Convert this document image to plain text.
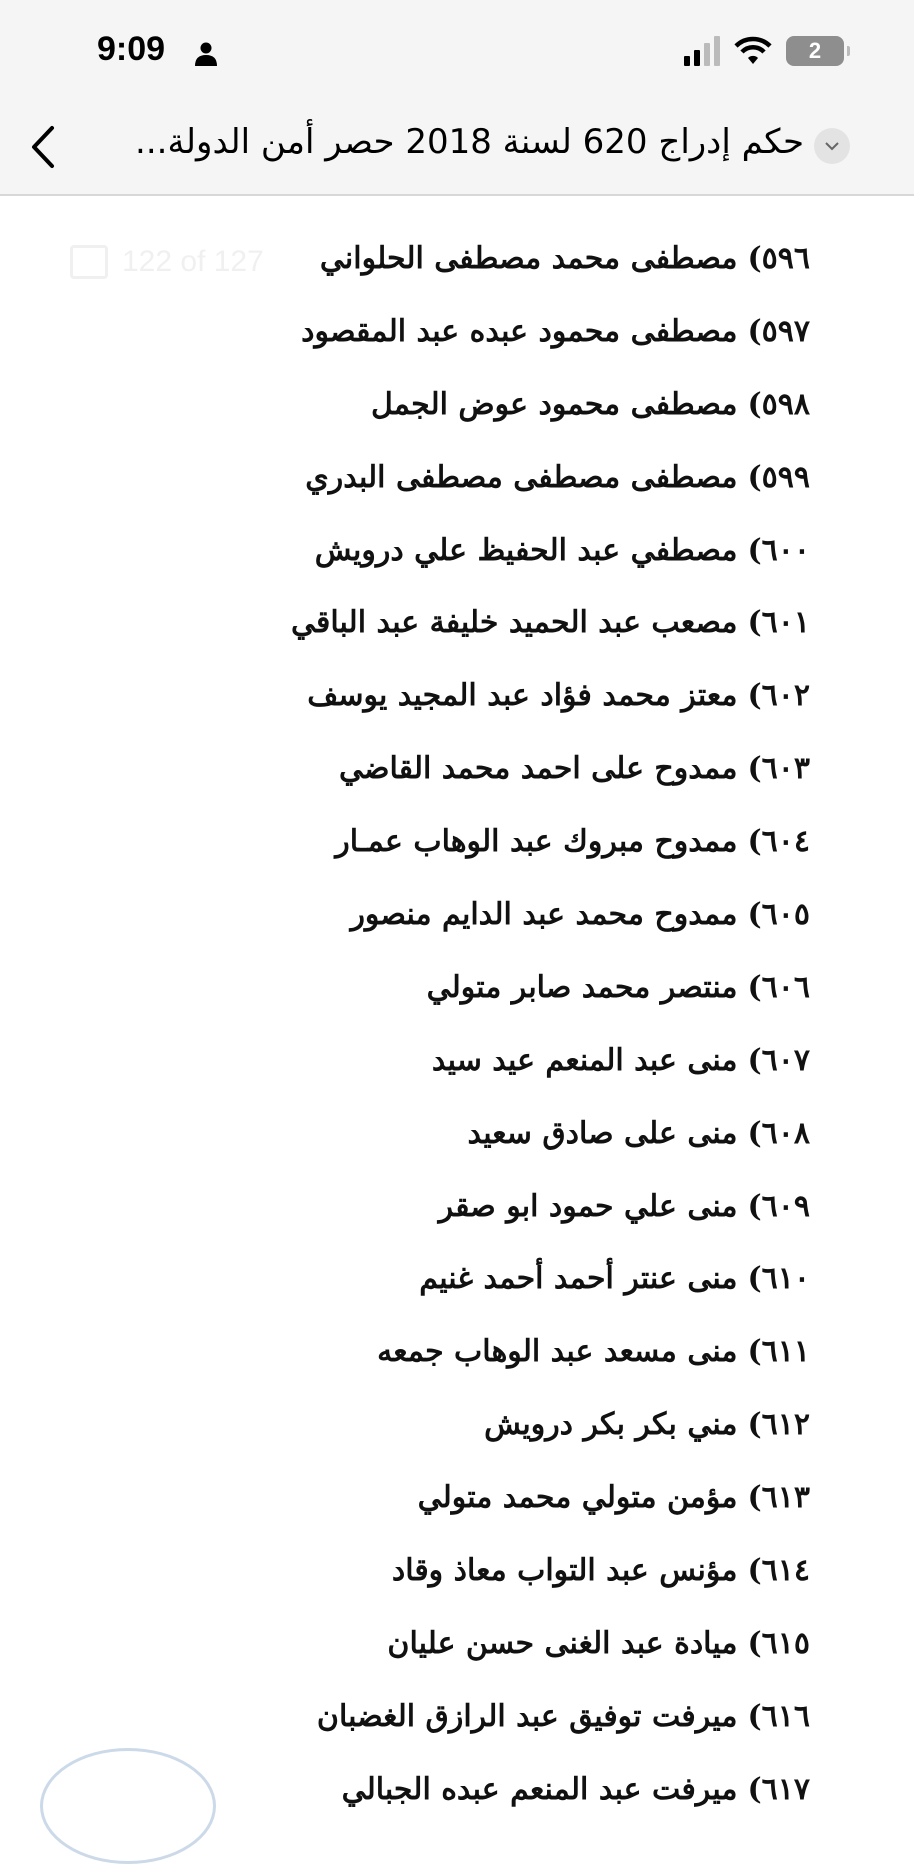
9:09	2
حكم إدراج 620 لسنة 2018 حصر أمن الدولة...
122 of 127	٥٩٦)
مصطفى محمد مصطفى الحلواني
٥٩٧)
مصطفى محمود عبده عبد المقصود
٥٩٨)
مصطفى محمود عوض الجمل
٥٩٩)
مصطفى مصطفى مصطفى البدري
٦٠٠)
مصطفي عبد الحفيظ علي درويش
٦٠١)
مصعب عبد الحميد خليفة عبد الباقي
٦٠٢)
معتز محمد فؤاد عبد المجيد يوسف
٦٠٣)
ممدوح على احمد محمد القاضي
٦٠٤)
ممدوح مبروك عبد الوهاب عمـار
٦٠٥)
ممدوح محمد عبد الدايم منصور
٦٠٦)
منتصر محمد صابر متولي
٦٠٧)
منى عبد المنعم عيد سيد
٦٠٨)
منى على صادق سعيد
٦٠٩)
منى علي حمود ابو صقر
٦١٠)
منى عنتر أحمد أحمد غنيم
٦١١)
منى مسعد عبد الوهاب جمعه
٦١٢)
مني بكر بكر درويش
٦١٣)
مؤمن متولي محمد متولي
٦١٤)
مؤنس عبد التواب معاذ وقاد
٦١٥)
ميادة عبد الغنى حسن عليان
٦١٦)
ميرفت توفيق عبد الرازق الغضبان
٦١٧)
ميرفت عبد المنعم عبده الجبالي
